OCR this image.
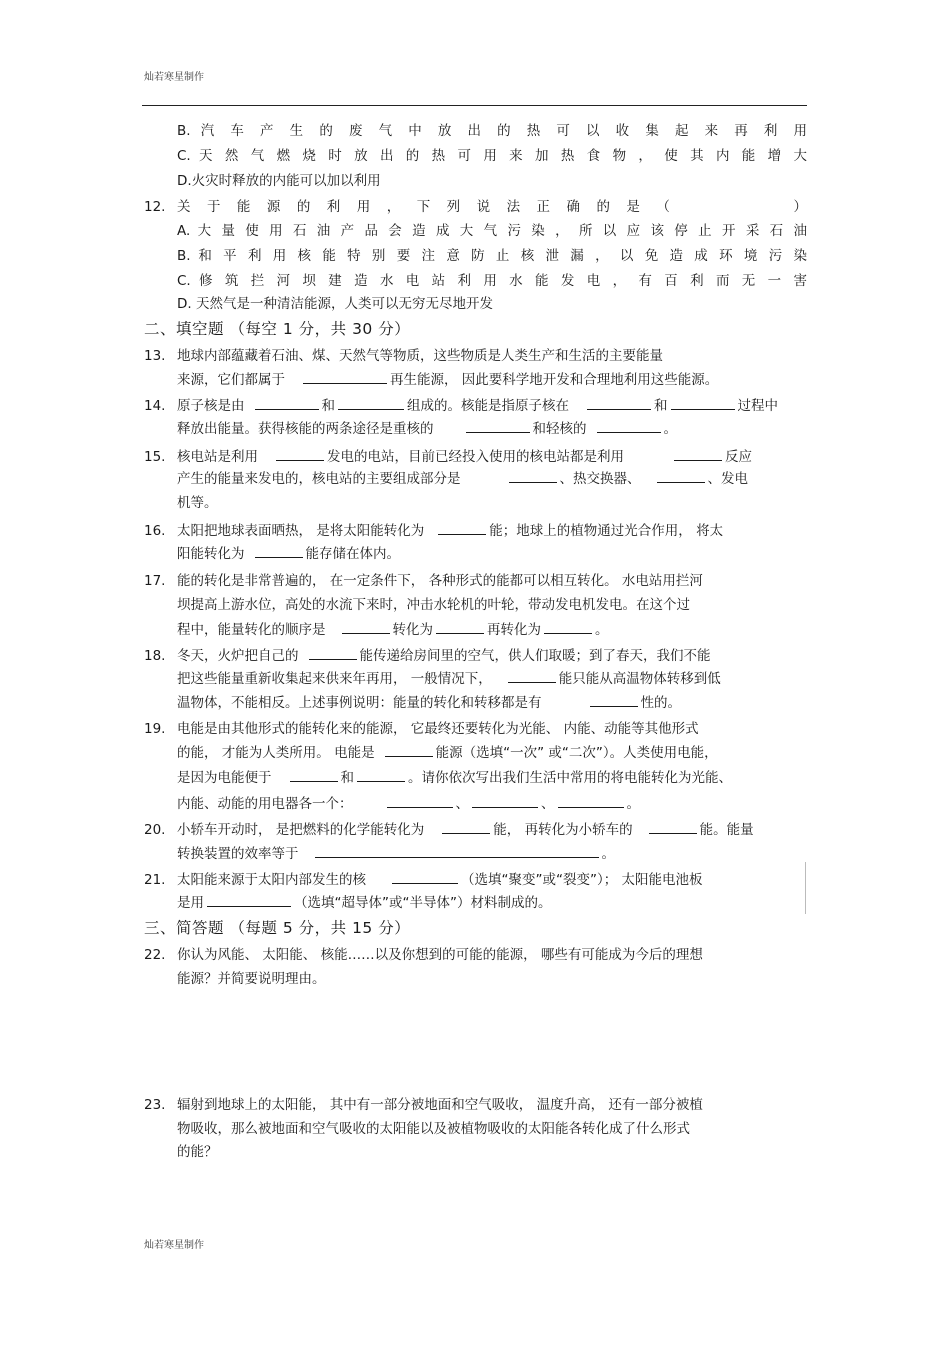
灿若寒星制作
B. 汽 车 产 生 的 废 气 中 放 出 的 热 可 以 收 集 起 来 再 利 用
C. 天 然 气 燃 烧 时 放 出 的 热 可 用 来 加 热 食 物 ， 使 其 内 能 增 大
D.火灾时释放的内能可以加以利用
12. 关 于 能 源 的 利 用 ， 下 列 说 法 正 确 的 是 （　　　　　　）
A. 大 量 使 用 石 油 产 品 会 造 成 大 气 污 染 ， 所 以 应 该 停 止 开 采 石 油
B. 和 平 利 用 核 能 特 别 要 注 意 防 止 核 泄 漏 ， 以 免 造 成 环 境 污 染
C. 修 筑 拦 河 坝 建 造 水 电 站 利 用 水 能 发 电 ， 有 百 利 而 无 一 害
D. 天然气是一种清洁能源，人类可以无穷无尽地开发
二、填空题 （每空 1 分，共 30 分）
13. 地球内部蕴藏着石油、煤、天然气等物质，这些物质是人类生产和生活的主要能量
来源，它们都属于	再生能源， 因此要科学地开发和合理地利用这些能源。
14. 原子核是由	和	组成的。核能是指原子核在	和	过程中
释放出能量。获得核能的两条途径是重核的	和轻核的	。
15. 核电站是利用	发电的电站，目前已经投入使用的核电站都是利用	反应
产生的能量来发电的，核电站的主要组成部分是	、热交换器、	、发电
机等。
16. 太阳把地球表面晒热， 是将太阳能转化为	能；地球上的植物通过光合作用， 将太
阳能转化为	能存储在体内。
17. 能的转化是非常普遍的， 在一定条件下， 各种形式的能都可以相互转化。 水电站用拦河
坝提高上游水位，高处的水流下来时，冲击水轮机的叶轮，带动发电机发电。在这个过
程中，能量转化的顺序是	转化为	再转化为	。
18. 冬天，火炉把自己的	能传递给房间里的空气，供人们取暖；到了春天，我们不能
把这些能量重新收集起来供来年再用， 一般情况下，	能只能从高温物体转移到低
温物体，不能相反。上述事例说明：能量的转化和转移都是有	性的。
19. 电能是由其他形式的能转化来的能源， 它最终还要转化为光能、 内能、动能等其他形式
的能， 才能为人类所用。 电能是	能源（选填“一次” 或“二次”）。人类使用电能，
是因为电能便于	和	。请你依次写出我们生活中常用的将电能转化为光能、
内能、动能的用电器各一个：	、	、	。
20. 小轿车开动时， 是把燃料的化学能转化为	能， 再转化为小轿车的	能。能量
转换装置的效率等于	。
21. 太阳能来源于太阳内部发生的核	（选填“聚变”或“裂变”）； 太阳能电池板
是用	（选填“超导体”或“半导体”）材料制成的。
三、简答题 （每题 5 分，共 15 分）
22. 你认为风能、 太阳能、 核能……以及你想到的可能的能源， 哪些有可能成为今后的理想
能源？并简要说明理由。
23. 辐射到地球上的太阳能， 其中有一部分被地面和空气吸收， 温度升高， 还有一部分被植
物吸收，那么被地面和空气吸收的太阳能以及被植物吸收的太阳能各转化成了什么形式
的能？
灿若寒星制作
